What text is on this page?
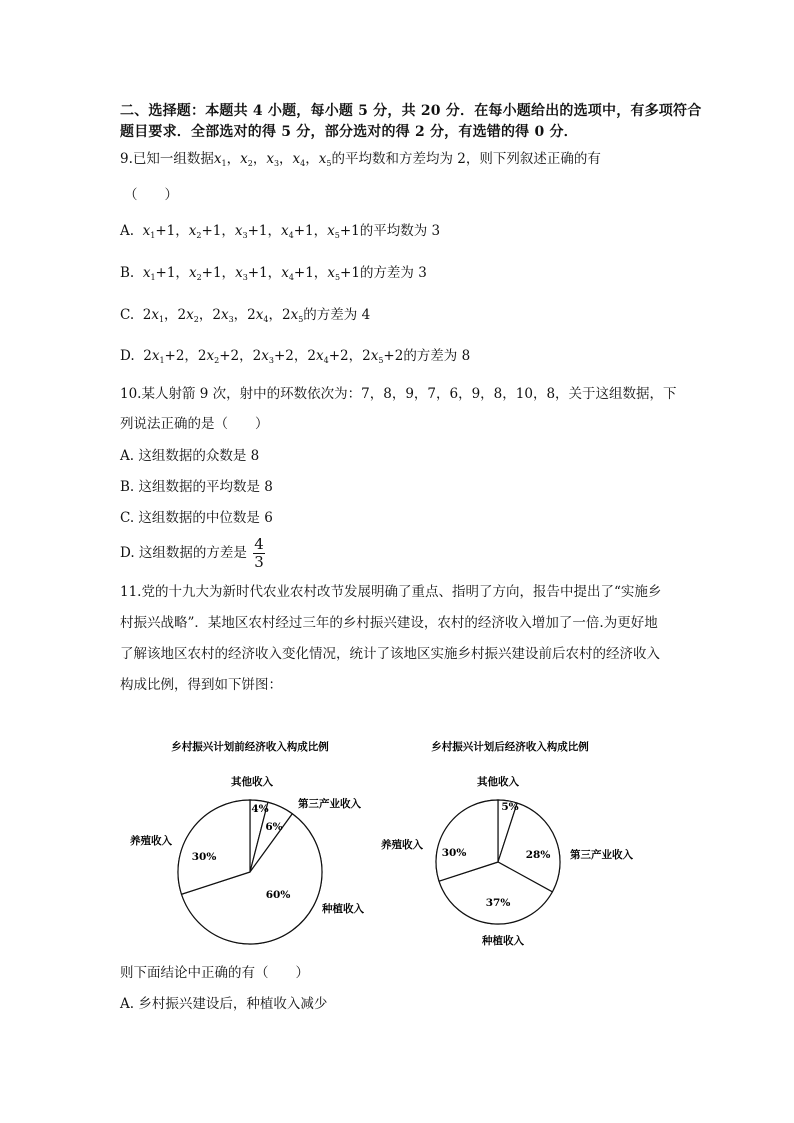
二、选择题：本题共 4 小题，每小题 5 分，共 20 分．在每小题给出的选项中，有多项符合
题目要求．全部选对的得 5 分，部分选对的得 2 分，有选错的得 0 分．
9.已知一组数据$x_1$，$x_2$，$x_3$，$x_4$，$x_5$的平均数和方差均为 2，则下列叙述正确的有
（　　）
A. $x_1+1$，$x_2+1$，$x_3+1$，$x_4+1$，$x_5+1$的平均数为 3
B. $x_1+1$，$x_2+1$，$x_3+1$，$x_4+1$，$x_5+1$的方差为 3
C.  $2x_1$，$2x_2$，$2x_3$，$2x_4$，$2x_5$的方差为 4
D.  $2x_1+2$，$2x_2+2$，$2x_3+2$，$2x_4+2$，$2x_5+2$的方差为 8
10.某人射箭 9 次，射中的环数依次为：7，8，9，7，6，9，8，10，8，关于这组数据，下
列说法正确的是（　　）
A. 这组数据的众数是 8
B. 这组数据的平均数是 8
C. 这组数据的中位数是 6
D. 这组数据的方差是 $\frac{4}{3}$
11.党的十九大为新时代农业农村改节发展明确了重点、指明了方向，报告中提出了“实施乡
村振兴战略”．某地区农村经过三年的乡村振兴建设，农村的经济收入增加了一倍.为更好地
了解该地区农村的经济收入变化情况，统计了该地区实施乡村振兴建设前后农村的经济收入
构成比例，得到如下饼图：
乡村振兴计划前经济收入构成比例
其他收入
第三产业收入
种植收入
养殖收入
4%
6%
60%
30%
乡村振兴计划后经济收入构成比例
其他收入
第三产业收入
种植收入
养殖收入
5%
28%
37%
30%
则下面结论中正确的有（　　）
A. 乡村振兴建设后，种植收入减少
